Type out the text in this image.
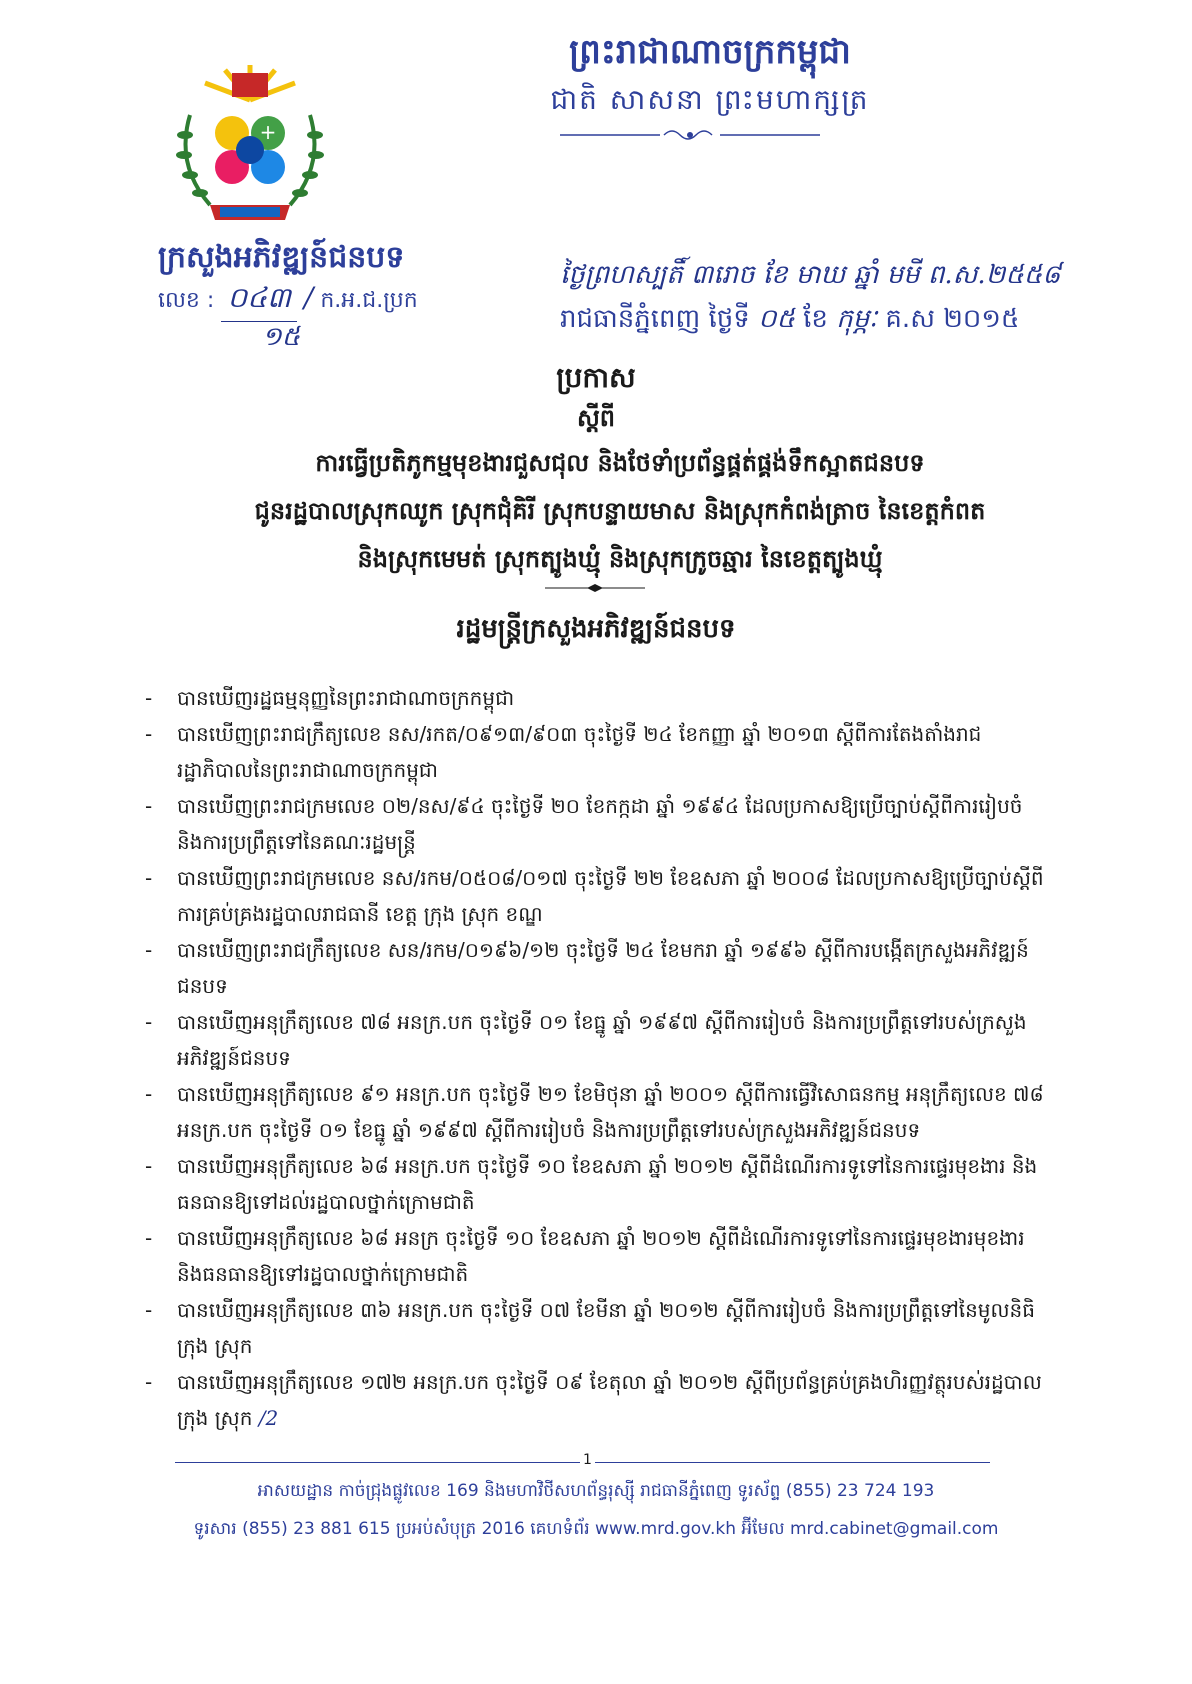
ព្រះរាជាណាចក្រកម្ពុជា
ជាតិ សាសនា ព្រះមហាក្សត្រ
+
ក្រសួងអភិវឌ្ឍន៍ជនបទ
លេខ : ០៤៣ / ក.អ.ជ.ប្រក
១៥
ថ្ងៃព្រហស្បតិ៍ ៣រោច ខែ មាឃ ឆ្នាំ មមី ព.ស.២៥៥៨
រាជធានីភ្នំពេញ ថ្ងៃទី ០៥ ខែ កុម្ភៈ គ.ស ២០១៥
ប្រកាស
ស្តីពី
ការធ្វើប្រតិភូកម្មមុខងារជួសជុល និងថែទាំប្រព័ន្ធផ្គត់ផ្គង់ទឹកស្អាតជនបទ
ជូនរដ្ឋបាលស្រុកឈូក ស្រុកជុំគិរី ស្រុកបន្ទាយមាស និងស្រុកកំពង់ត្រាច នៃខេត្តកំពត
និងស្រុកមេមត់ ស្រុកត្បូងឃ្មុំ និងស្រុកក្រូចឆ្មារ នៃខេត្តត្បូងឃ្មុំ
រដ្ឋមន្ត្រីក្រសួងអភិវឌ្ឍន៍ជនបទ
- បានឃើញរដ្ឋធម្មនុញ្ញនៃព្រះរាជាណាចក្រកម្ពុជា
- បានឃើញព្រះរាជក្រឹត្យលេខ នស/រកត/០៩១៣/៩០៣ ចុះថ្ងៃទី ២៤ ខែកញ្ញា ឆ្នាំ ២០១៣ ស្តីពីការតែងតាំងរាជរដ្ឋាភិបាលនៃព្រះរាជាណាចក្រកម្ពុជា
- បានឃើញព្រះរាជក្រមលេខ ០២/នស/៩៤ ចុះថ្ងៃទី ២០ ខែកក្កដា ឆ្នាំ ១៩៩៤ ដែលប្រកាសឱ្យប្រើច្បាប់ស្តីពីការរៀបចំ និងការប្រព្រឹត្តទៅនៃគណៈរដ្ឋមន្ត្រី
- បានឃើញព្រះរាជក្រមលេខ នស/រកម/០៥០៨/០១៧ ចុះថ្ងៃទី ២២ ខែឧសភា ឆ្នាំ ២០០៨ ដែលប្រកាសឱ្យប្រើច្បាប់ស្តីពីការគ្រប់គ្រងរដ្ឋបាលរាជធានី ខេត្ត ក្រុង ស្រុក ខណ្ឌ
- បានឃើញព្រះរាជក្រឹត្យលេខ សន/រកម/០១៩៦/១២ ចុះថ្ងៃទី ២៤ ខែមករា ឆ្នាំ ១៩៩៦ ស្តីពីការបង្កើតក្រសួងអភិវឌ្ឍន៍ជនបទ
- បានឃើញអនុក្រឹត្យលេខ ៧៨ អនក្រ.បក ចុះថ្ងៃទី ០១ ខែធ្នូ ឆ្នាំ ១៩៩៧ ស្តីពីការរៀបចំ និងការប្រព្រឹត្តទៅរបស់ក្រសួងអភិវឌ្ឍន៍ជនបទ
- បានឃើញអនុក្រឹត្យលេខ ៩១ អនក្រ.បក ចុះថ្ងៃទី ២១ ខែមិថុនា ឆ្នាំ ២០០១ ស្តីពីការធ្វើវិសោធនកម្ម អនុក្រឹត្យលេខ ៧៨ អនក្រ.បក ចុះថ្ងៃទី ០១ ខែធ្នូ ឆ្នាំ ១៩៩៧ ស្តីពីការរៀបចំ និងការប្រព្រឹត្តទៅរបស់ក្រសួងអភិវឌ្ឍន៍ជនបទ
- បានឃើញអនុក្រឹត្យលេខ ៦៨ អនក្រ.បក ចុះថ្ងៃទី ១០ ខែឧសភា ឆ្នាំ ២០១២ ស្តីពីដំណើរការទូទៅនៃការផ្ទេរមុខងារ និងធនធានឱ្យទៅដល់រដ្ឋបាលថ្នាក់ក្រោមជាតិ
- បានឃើញអនុក្រឹត្យលេខ ៦៨ អនក្រ ចុះថ្ងៃទី ១០ ខែឧសភា ឆ្នាំ ២០១២ ស្តីពីដំណើរការទូទៅនៃការផ្ទេរមុខងារមុខងារ និងធនធានឱ្យទៅរដ្ឋបាលថ្នាក់ក្រោមជាតិ
- បានឃើញអនុក្រឹត្យលេខ ៣៦ អនក្រ.បក ចុះថ្ងៃទី ០៧ ខែមីនា ឆ្នាំ ២០១២ ស្តីពីការរៀបចំ និងការប្រព្រឹត្តទៅនៃមូលនិធិក្រុង ស្រុក
- បានឃើញអនុក្រឹត្យលេខ ១៧២ អនក្រ.បក ចុះថ្ងៃទី ០៩ ខែតុលា ឆ្នាំ ២០១២ ស្តីពីប្រព័ន្ធគ្រប់គ្រងហិរញ្ញវត្ថុរបស់រដ្ឋបាល ក្រុង ស្រុក /2
1
អាសយដ្ឋាន កាច់ជ្រុងផ្លូវលេខ 169 និងមហាវិថីសហព័ន្ធរុស្ស៊ី រាជធានីភ្នំពេញ ទូរស័ព្ទ (855) 23 724 193
ទូរសារ (855) 23 881 615 ប្រអប់សំបុត្រ 2016 គេហទំព័រ www.mrd.gov.kh អ៊ីមែល mrd.cabinet@gmail.com
